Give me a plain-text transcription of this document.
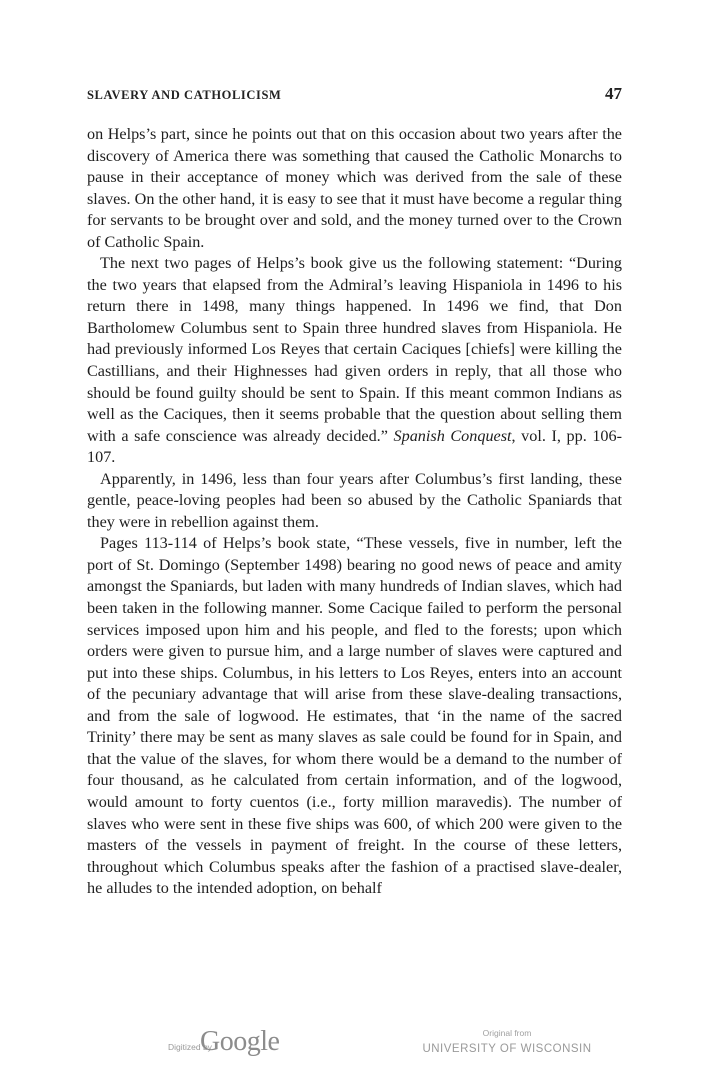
SLAVERY AND CATHOLICISM	47

on Helps’s part, since he points out that on this occasion about two years after the discovery of America there was something that caused the Catholic Monarchs to pause in their acceptance of money which was derived from the sale of these slaves. On the other hand, it is easy to see that it must have become a regular thing for servants to be brought over and sold, and the money turned over to the Crown of Catholic Spain.

The next two pages of Helps’s book give us the following statement: “During the two years that elapsed from the Admiral’s leaving Hispaniola in 1496 to his return there in 1498, many things happened. In 1496 we find, that Don Bartholomew Columbus sent to Spain three hundred slaves from Hispaniola. He had previously informed Los Reyes that certain Caciques [chiefs] were killing the Castillians, and their Highnesses had given orders in reply, that all those who should be found guilty should be sent to Spain. If this meant common Indians as well as the Caciques, then it seems probable that the question about selling them with a safe conscience was already decided.” Spanish Conquest, vol. I, pp. 106-107.

Apparently, in 1496, less than four years after Columbus’s first landing, these gentle, peace-loving peoples had been so abused by the Catholic Spaniards that they were in rebellion against them.

Pages 113-114 of Helps’s book state, “These vessels, five in number, left the port of St. Domingo (September 1498) bearing no good news of peace and amity amongst the Spaniards, but laden with many hundreds of Indian slaves, which had been taken in the following manner. Some Cacique failed to perform the personal services imposed upon him and his people, and fled to the forests; upon which orders were given to pursue him, and a large number of slaves were captured and put into these ships. Columbus, in his letters to Los Reyes, enters into an account of the pecuniary advantage that will arise from these slave-dealing transactions, and from the sale of logwood. He estimates, that ‘in the name of the sacred Trinity’ there may be sent as many slaves as sale could be found for in Spain, and that the value of the slaves, for whom there would be a demand to the number of four thousand, as he calculated from certain information, and of the logwood, would amount to forty cuentos (i.e., forty million maravedis). The number of slaves who were sent in these five ships was 600, of which 200 were given to the masters of the vessels in payment of freight. In the course of these letters, throughout which Columbus speaks after the fashion of a practised slave-dealer, he alludes to the intended adoption, on behalf

Digitized by
Google	Original from
UNIVERSITY OF WISCONSIN
